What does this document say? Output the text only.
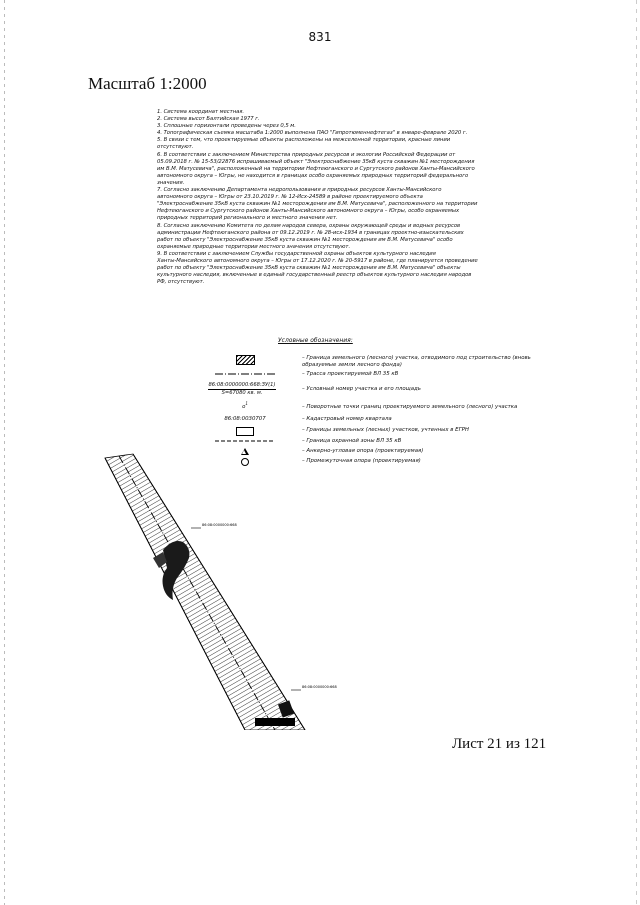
831
Масштаб 1:2000
1. Система координат местная.
2. Система высот Балтийская 1977 г.
3. Сплошные горизонтали проведены через 0,5 м.
4. Топографическая съемка масштаба 1:2000 выполнена ПАО "Гипротюменнефтегаз" в январе-феврале 2020 г.
5. В связи с тем, что проектируемые объекты расположены на межселенной территории, красные линии
отсутствуют.
6. В соответствии с заключением Министерства природных ресурсов и экологии Российской Федерации от
05.09.2018 г. № 15-53/22876 испрашиваемый объект "Электроснабжение 35кВ куста скважин №1 месторождения
им В.М. Матусевича", расположенный на территории Нефтеюганского и Сургутского районов Ханты-Мансийского
автономного округа – Югры, не находится в границах особо охраняемых природных территорий федерального
значения.
7. Согласно заключению Департамента недропользования и природных ресурсов Ханты-Мансийского
автономного округа – Югры от 23.10.2019 г. № 12-Исх-24589 в районе проектируемого объекта
"Электроснабжение 35кВ куста скважин №1 месторождения им В.М. Матусевича", расположенного на территории
Нефтеюганского и Сургутского районов Ханты-Мансийского автономного округа – Югры, особо охраняемых
природных территорий регионального и местного значения нет.
8. Согласно заключению Комитета по делам народов севера, охраны окружающей среды и водных ресурсов
администрации Нефтеюганского района от 09.12.2019 г. № 28-исх-1934 в границах проектно-изыскательских
работ по объекту "Электроснабжение 35кВ куста скважин №1 месторождения им В.М. Матусевича" особо
охраняемые природные территории местного значения отсутствуют.
9. В соответствии с заключением Службы государственной охраны объектов культурного наследия
Ханты-Мансийского автономного округа – Югры от 17.12.2020 г. № 20-5917 в районе, где планируется проведение
работ по объекту "Электроснабжение 35кВ куста скважин №1 месторождения им В.М. Матусевича" объекты
культурного наследия, включенные в единый государственный реестр объектов культурного наследия народов
РФ, отсутствуют.
Условные обозначения:
– Граница земельного (лесного) участка, отводимого под строительство (вновь образуемые земли лесного фонда)
– Трасса проектируемой ВЛ 35 кВ
$\frac{86:08:0000000:668:ЗУ(1)}{S=67080 кв. м.}$	– Условный номер участка и его площадь
$o^1$
– Поворотные точки границ проектируемого земельного (лесного) участка
86:08:0030707	– Кадастровый номер квартала
– Границы земельных (лесных) участков, учтенных в ЕГРН
– Граница охранной зоны ВЛ 35 кВ
– Анкерно-угловая опора (проектируемая)
– Промежуточная опора (проектируемая)
86:08:0000000:668
86:08:0000000:668
Лист 21 из 121
